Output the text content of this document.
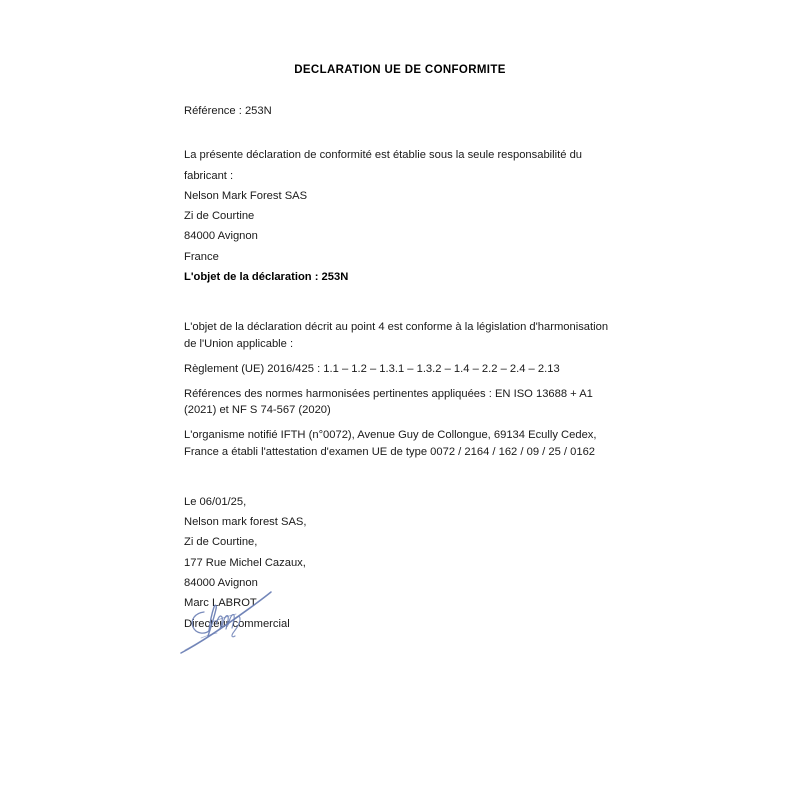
DECLARATION UE DE CONFORMITE
Référence : 253N
La présente déclaration de conformité est établie sous la seule responsabilité du fabricant :
Nelson Mark Forest SAS
Zi de Courtine
84000 Avignon
France
L'objet de la déclaration : 253N
L'objet de la déclaration décrit au point 4 est conforme à la législation d'harmonisation de l'Union applicable :
Règlement (UE) 2016/425 : 1.1 – 1.2 – 1.3.1 – 1.3.2 – 1.4 – 2.2 – 2.4 – 2.13
Références des normes harmonisées pertinentes appliquées : EN ISO 13688 + A1 (2021) et NF S 74-567 (2020)
L'organisme notifié IFTH (n°0072), Avenue Guy de Collongue, 69134 Ecully Cedex, France a établi l'attestation d'examen UE de type 0072 / 2164 / 162 / 09 / 25 / 0162
Le 06/01/25,
Nelson mark forest SAS,
Zi de Courtine,
177 Rue Michel Cazaux,
84000 Avignon
Marc LABROT
Directeur commercial
